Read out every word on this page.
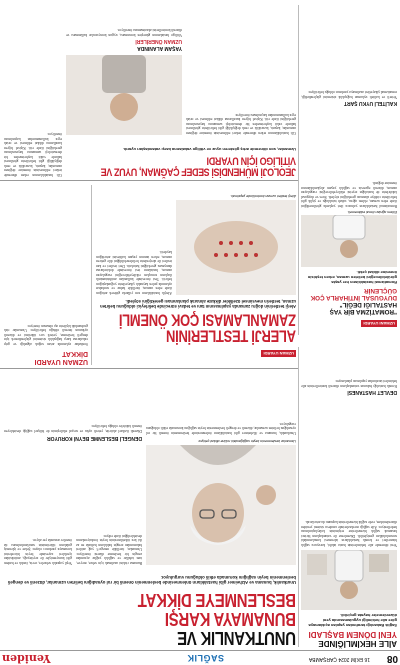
08
16 EKİM 2024 ÇARŞAMBA
SAĞLIK
Yeniden
AİLE HEKİMLİĞİNDE
YENİ DÖNEM BAŞLADI
Sağlık Bakanlığı tarafından yapılan açıklamaya göre aile hekimliği uygulamasında yeni düzenlemeler hayata geçirildi.
Yeni dönemde aile hekimlerinin hasta takibi, koruyucu sağlık hizmetleri ve kronik hastalıkların izlenmesi konularındaki sorumlulukları genişletildi. Düzenleme ile vatandaşların birinci basamak sağlık hizmetlerine erişiminin kolaylaştırılması hedefleniyor. Aile sağlığı merkezlerinde randevu sistemi yeniden düzenlenirken, evde sağlık hizmetlerinin kapsamı da artırılacak.
DEVLET HASTANESİ
Kronik hastalığı bulunan vatandaşların düzenli kontrollerinin aile hekimleri tarafından yapılması planlanıyor.
UNUTKANLIK VE
BUNAMAYA KARŞI
BESLENMEYE DİKKAT
Unutkanlık, bunama ve Alzheimer gibi hastalıkların önlenmesinde beslenmenin önemli bir rol oynadığını belirten uzmanlar, düzenli ve dengeli beslenmenin beyin sağlığını korumada etkili olduğunu vurguluyor.
Bunama riskini azaltmak için sebze, meyve, tam tahıllar ve sağlıklı yağlar açısından zengin bir beslenme düzeni öneriliyor. Uzmanlar, özellikle omega-3 yağ asitleri bakımından zengin balıkların haftada en az iki kez tüketilmesinin beyin fonksiyonlarını desteklediğini ifade ediyor.
Yeşil yapraklı sebzeler, ceviz, fındık ve badem gibi kuruyemişler ile zeytinyağı, antioksidan içerikleri sayesinde beyin hücrelerini korumaya yardımcı oluyor. Şeker ve işlenmiş gıdaların tüketiminin sınırlandırılması da öneriler arasında yer alıyor.
Uzmanlar beslenmenin beyin sağlığındaki rolüne dikkat çekiyor.
DENGELİ BESLENME BEYNİ KORUYOR
Düzenli fiziksel aktivite, yeterli uyku ve sosyal etkileşimin de bilişsel sağlığı destekleyen önemli faktörler olduğu belirtiliyor.
Unutkanlık, bunama ve Alzheimer gibi hastalıkların önlenmesinde beslenmenin önemli bir rol oynadığını belirten uzmanlar, düzenli ve dengeli beslenmenin beyin sağlığını korumada etkili olduğunu vurguluyor.
UZMAN UYARDI
ALERJİ TESTLERİNİN
ZAMANLAMASI ÇOK ÖNEMLİ
Alerji testlerinin doğru zamanda yapılmasının tanı ve tedavi sürecinde belirleyici olduğunu belirten uzman, testlerin mevsimsel özellikler dikkate alınarak planlanması gerektiğini söyledi.
Alerji testleri uzman kontrolünde yapılmalı.
Alerjik hastalıkların son yıllarda giderek arttığını ifade eden uzman, özellikle bahar ve sonbahar aylarında polen kaynaklı şikayetlerin yoğunlaştığını belirtti. Test öncesinde kullanılan antihistaminik ilaçların sonuçları etkileyebileceğini vurgulayan uzman, hastaların test öncesinde doktorlarına danışması gerektiğini hatırlattı. Deri testleri ve kan testleri ile alerjenlerin belirlenebildiğini dile getiren uzman, erken tanının yaşam kalitesini artırdığını kaydetti.
UZMANI UYARDI
"ROMATİZMA BİR YAŞ HASTALIĞI DEĞİL"
DUYGUSAL İNTİHARLA ÇOK GÜÇLENİR
Romatizmal hastalıkların her yaşta görülebileceğini belirten uzman, erken teşhisin önemine dikkat çekti.
Eklem ağrıları ihmal edilmemeli.
Romatizmal hastalıkların yalnızca ileri yaşlarda görülmediğini ifade eden uzman, eklem ağrısı, sabah tutukluğu ve şişlik gibi belirtilerin ciddiye alınması gerektiğini söyledi. Stres ve duygusal faktörlerin de hastalığın seyrini etkileyebileceğini vurgulayan uzman, düzenli egzersiz ve sağlıklı yaşam alışkanlıklarının önemine değindi.
KALİTELİ UYKU ŞART
Yeterli ve kaliteli uykunun bağışıklık sistemini güçlendirdiği, romatizmal şikayetleri azaltmaya yardımcı olduğu belirtiliyor.
UZMAN UYARDI
DİKKAT
Sonbahar aylarında artan soğuk algınlığı ve grip vakalarına karşı bağışıklık sistemini güçlendirmek için dengeli beslenme, yeterli sıvı tüketimi ve düzenli uykunun önemli olduğu belirtiliyor. Uzmanlar risk grubundaki kişilerin aşı olmasını öneriyor.
JEOLOJİ MÜHENDİSİ SEDEF ÇAĞMAN, UYUZ VE
VİTİLİGO İÇİN UYARDI
Uzmanlar, son dönemde artış gösteren uyuz ve vitiligo vakalarına karşı vatandaşları uyardı.
Cilt hastalıklarının erken dönemde tedavi edilmesinin önemine değinen uzmanlar, kaşıntı, kızarıklık ve renk değişikliği gibi belirtilerin görülmesi halinde vakit kaybetmeden bir dermatoloji uzmanına başvurulması gerektiğini ifade etti. Kişisel hijyen kurallarına dikkat edilmesi ve ortak eşya kullanımından kaçınılması öneriliyor.
YAŞAM ALANINDA
UZMAN ÖNERİLERİ
Vitiligo hastalarının güneşten korunması, uygun koruyucular kullanması ve düzenli kontrollerini aksatmaması öneriliyor.
Cilt hastalıklarının erken dönemde tedavi edilmesinin önemine değinen uzmanlar, kaşıntı, kızarıklık ve renk değişikliği gibi belirtilerin görülmesi halinde vakit kaybetmeden bir dermatoloji uzmanına başvurulması gerektiğini ifade etti. Kişisel hijyen kurallarına dikkat edilmesi ve ortak eşya kullanımından kaçınılması öneriliyor.
